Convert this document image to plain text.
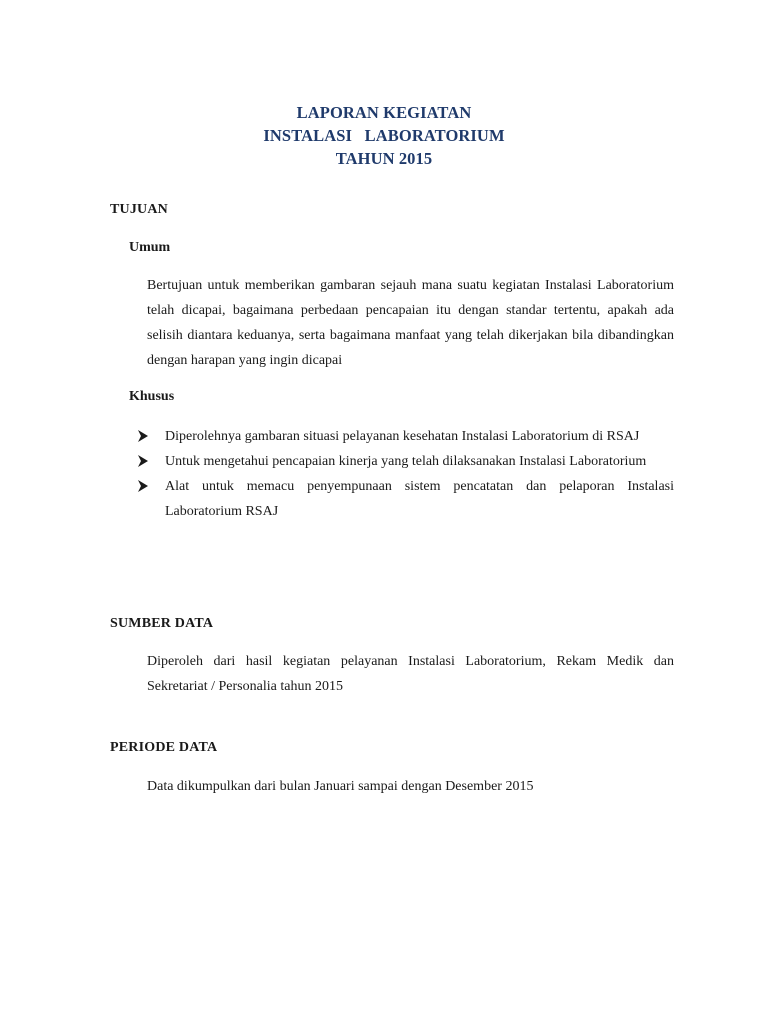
LAPORAN KEGIATAN
INSTALASI   LABORATORIUM
TAHUN 2015
TUJUAN
Umum
Bertujuan untuk memberikan gambaran sejauh mana suatu kegiatan Instalasi Laboratorium telah dicapai, bagaimana perbedaan pencapaian itu dengan standar tertentu, apakah ada selisih diantara keduanya, serta bagaimana manfaat yang telah dikerjakan bila dibandingkan dengan harapan yang ingin dicapai
Khusus
Diperolehnya gambaran situasi pelayanan kesehatan Instalasi Laboratorium di RSAJ
Untuk mengetahui pencapaian kinerja yang telah dilaksanakan Instalasi Laboratorium
Alat untuk memacu penyempunaan sistem pencatatan dan pelaporan Instalasi Laboratorium RSAJ
SUMBER DATA
Diperoleh dari hasil kegiatan pelayanan Instalasi Laboratorium, Rekam Medik dan Sekretariat / Personalia tahun 2015
PERIODE DATA
Data dikumpulkan dari bulan Januari sampai dengan Desember 2015
